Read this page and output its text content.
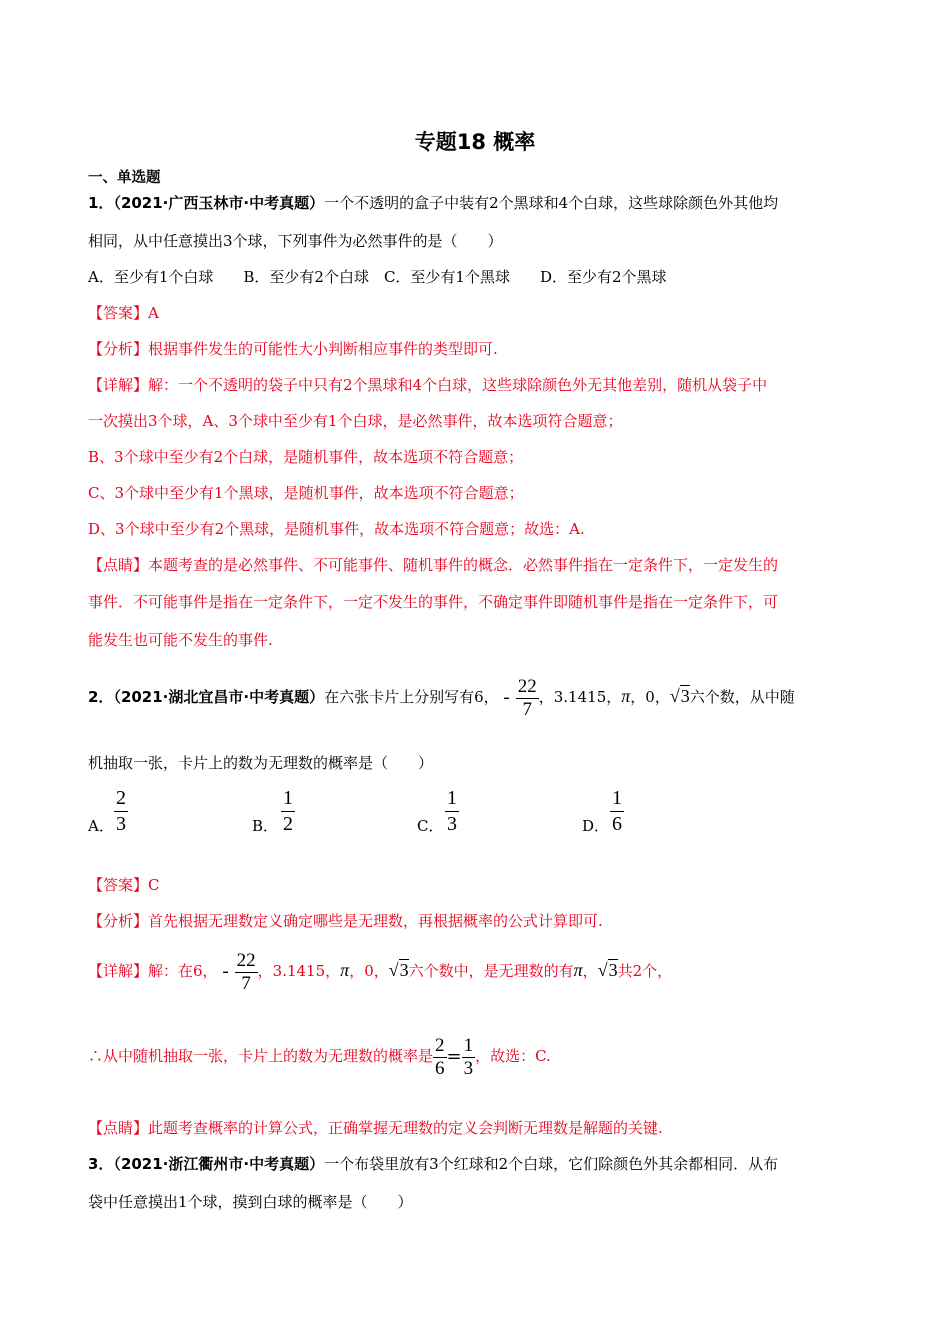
专题18 概率
一、单选题
1．（2021·广西玉林市·中考真题）一个不透明的盒子中装有2个黑球和4个白球，这些球除颜色外其他均
相同，从中任意摸出3个球，下列事件为必然事件的是（　　）
A．至少有1个白球　　B．至少有2个白球　C．至少有1个黑球　　D．至少有2个黑球
【答案】A
【分析】根据事件发生的可能性大小判断相应事件的类型即可.
【详解】解：一个不透明的袋子中只有2个黑球和4个白球，这些球除颜色外无其他差别，随机从袋子中
一次摸出3个球，A、3个球中至少有1个白球，是必然事件，故本选项符合题意；
B、3个球中至少有2个白球，是随机事件，故本选项不符合题意；
C、3个球中至少有1个黑球，是随机事件，故本选项不符合题意；
D、3个球中至少有2个黑球，是随机事件，故本选项不符合题意；故选：A.
【点睛】本题考查的是必然事件、不可能事件、随机事件的概念．必然事件指在一定条件下，一定发生的
事件．不可能事件是指在一定条件下，一定不发生的事件，不确定事件即随机事件是指在一定条件下，可
能发生也可能不发生的事件.
2．（2021·湖北宜昌市·中考真题）在六张卡片上分别写有6， - $\frac{22}{7}$ ，3.1415，π，0，√3六个数，从中随
机抽取一张，卡片上的数为无理数的概率是（　　）
A． $\frac{2}{3}$	B． $\frac{1}{2}$	C． $\frac{1}{3}$	D． $\frac{1}{6}$
【答案】C
【分析】首先根据无理数定义确定哪些是无理数，再根据概率的公式计算即可.
【详解】解：在6， - $\frac{22}{7}$ ，3.1415，π，0，√3六个数中，是无理数的有π，√3共2个，
∴从中随机抽取一张，卡片上的数为无理数的概率是 $\frac{2}{6} = \frac{1}{3}$ ，故选：C.
【点睛】此题考查概率的计算公式，正确掌握无理数的定义会判断无理数是解题的关键.
3．（2021·浙江衢州市·中考真题）一个布袋里放有3个红球和2个白球，它们除颜色外其余都相同．从布
袋中任意摸出1个球，摸到白球的概率是（　　）
